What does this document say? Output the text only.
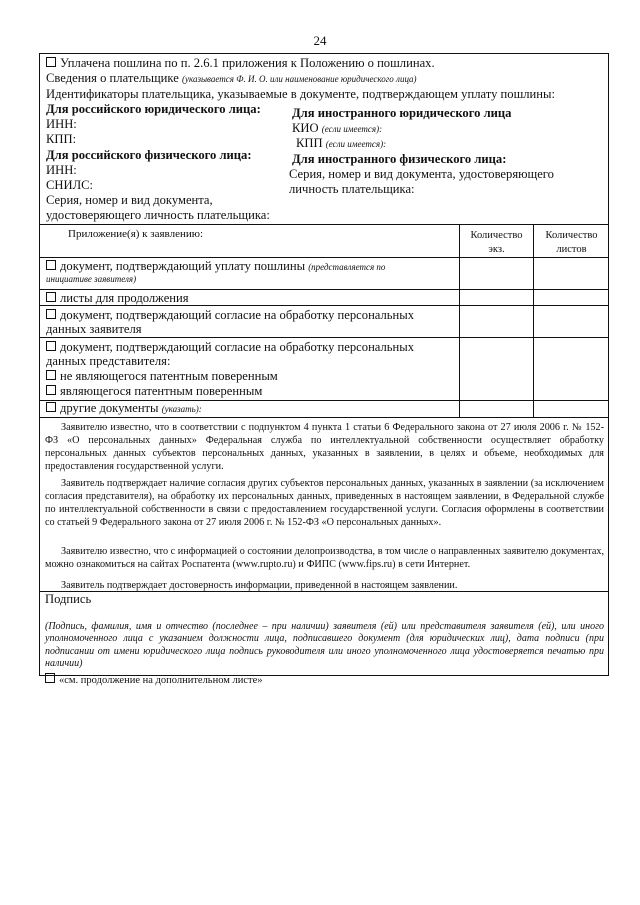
24
Уплачена пошлина по п. 2.6.1 приложения к Положению о пошлинах.
Сведения о плательщике (указывается Ф. И. О. или наименование юридического лица)
Идентификаторы плательщика, указываемые в документе, подтверждающем уплату пошлины:
Для российского юридического лица:
ИНН:
КПП:
Для иностранного юридического лица
КИО (если имеется):
КПП (если имеется):
Для российского физического лица:
ИНН:
СНИЛС:
Серия, номер и вид документа,
удостоверяющего личность плательщика:
Для иностранного физического лица:
Серия, номер и вид документа, удостоверяющего
личность плательщика:
Приложение(я) к заявлению:	Количество
экз.
Количество
листов
документ, подтверждающий уплату пошлины (представляется по
инициативе заявителя)
листы для продолжения
документ, подтверждающий согласие на обработку персональных
данных заявителя
документ, подтверждающий согласие на обработку персональных
данных представителя:
не являющегося патентным поверенным
являющегося патентным поверенным
другие документы (указать):
Заявителю известно, что в соответствии с подпунктом 4 пункта 1 статьи 6 Федерального закона от 27 июля 2006 г. № 152-ФЗ «О персональных данных» Федеральная служба по интеллектуальной собственности осуществляет обработку персональных данных субъектов персональных данных, указанных в заявлении, в целях и объеме, необходимых для предоставления государственной услуги.
Заявитель подтверждает наличие согласия других субъектов персональных данных, указанных в заявлении (за исключением согласия представителя), на обработку их персональных данных, приведенных в настоящем заявлении, в Федеральной службе по интеллектуальной собственности в связи с предоставлением государственной услуги. Согласия оформлены в соответствии со статьей 9 Федерального закона от 27 июля 2006 г. № 152-ФЗ «О персональных данных».
Заявителю известно, что с информацией о состоянии делопроизводства, в том числе о направленных заявителю документах, можно ознакомиться на сайтах Роспатента (www.rupto.ru) и ФИПС (www.fips.ru) в сети Интернет.
Заявитель подтверждает достоверность информации, приведенной в настоящем заявлении.
Подпись
(Подпись, фамилия, имя и отчество (последнее – при наличии) заявителя (ей) или представителя заявителя (ей), или иного уполномоченного лица с указанием должности лица, подписавшего документ (для юридических лиц), дата подписи (при подписании от имени юридического лица подпись руководителя или иного уполномоченного лица удостоверяется печатью при наличии)
«см. продолжение на дополнительном листе»
